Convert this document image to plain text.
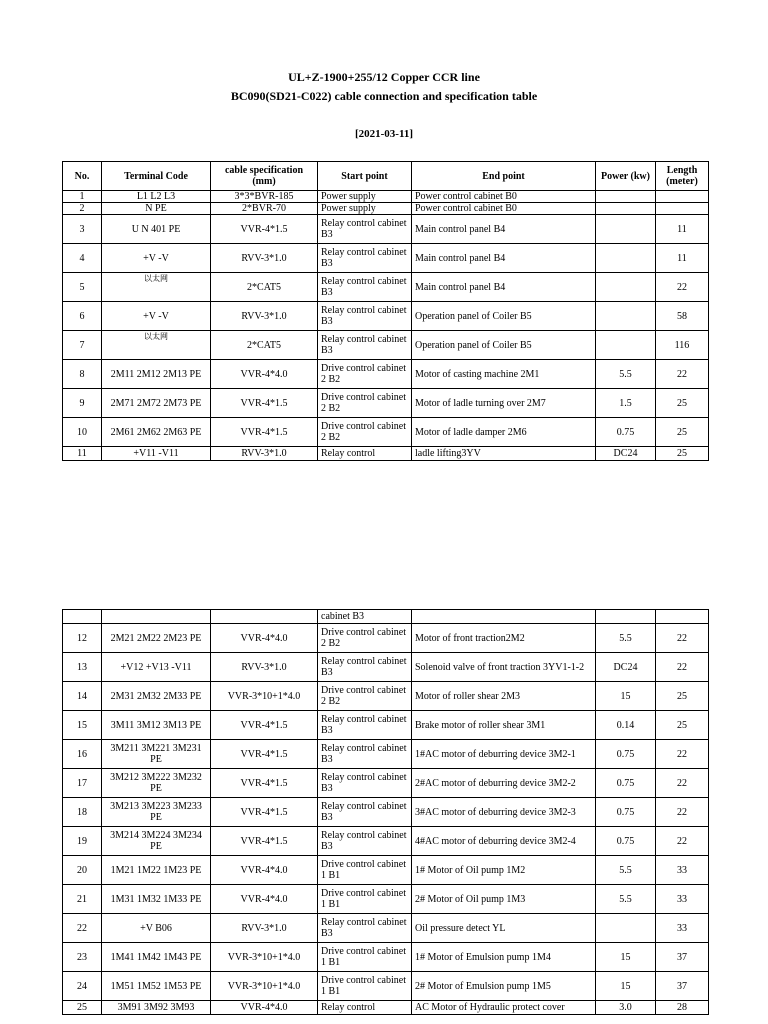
UL+Z-1900+255/12 Copper CCR line
BC090(SD21-C022) cable connection and specification table
[2021-03-11]
No.	Terminal Code	cable specification (mm)	Start point	End point	Power (kw)	Length (meter)
1	L1 L2 L3	3*3*BVR-185	Power supply	Power control cabinet B0		
2	N PE	2*BVR-70	Power supply	Power control cabinet B0		
3	U N 401 PE	VVR-4*1.5	Relay control cabinet B3	Main control panel B4		11
4	+V -V	RVV-3*1.0	Relay control cabinet B3	Main control panel B4		11
5	以太网	2*CAT5	Relay control cabinet B3	Main control panel B4		22
6	+V -V	RVV-3*1.0	Relay control cabinet B3	Operation panel of Coiler B5		58
7	以太网	2*CAT5	Relay control cabinet B3	Operation panel of Coiler B5		116
8	2M11 2M12 2M13 PE	VVR-4*4.0	Drive control cabinet 2 B2	Motor of casting machine 2M1	5.5	22
9	2M71 2M72 2M73 PE	VVR-4*1.5	Drive control cabinet 2 B2	Motor of ladle turning over 2M7	1.5	25
10	2M61 2M62 2M63 PE	VVR-4*1.5	Drive control cabinet 2 B2	Motor of ladle damper 2M6	0.75	25
11	+V11 -V11	RVV-3*1.0	Relay control	ladle lifting3YV	DC24	25
			cabinet B3			
12	2M21 2M22 2M23 PE	VVR-4*4.0	Drive control cabinet 2 B2	Motor of front traction2M2	5.5	22
13	+V12 +V13 -V11	RVV-3*1.0	Relay control cabinet B3	Solenoid valve of front traction 3YV1-1-2	DC24	22
14	2M31 2M32 2M33 PE	VVR-3*10+1*4.0	Drive control cabinet 2 B2	Motor of roller shear 2M3	15	25
15	3M11 3M12 3M13 PE	VVR-4*1.5	Relay control cabinet B3	Brake motor of roller shear 3M1	0.14	25
16	3M211 3M221 3M231 PE	VVR-4*1.5	Relay control cabinet B3	1#AC motor of deburring device 3M2-1	0.75	22
17	3M212 3M222 3M232 PE	VVR-4*1.5	Relay control cabinet B3	2#AC motor of deburring device 3M2-2	0.75	22
18	3M213 3M223 3M233 PE	VVR-4*1.5	Relay control cabinet B3	3#AC motor of deburring device 3M2-3	0.75	22
19	3M214 3M224 3M234 PE	VVR-4*1.5	Relay control cabinet B3	4#AC motor of deburring device 3M2-4	0.75	22
20	1M21 1M22 1M23 PE	VVR-4*4.0	Drive control cabinet 1 B1	1# Motor of Oil pump 1M2	5.5	33
21	1M31 1M32 1M33 PE	VVR-4*4.0	Drive control cabinet 1 B1	2# Motor of Oil pump 1M3	5.5	33
22	+V B06	RVV-3*1.0	Relay control cabinet B3	Oil pressure detect YL		33
23	1M41 1M42 1M43 PE	VVR-3*10+1*4.0	Drive control cabinet 1 B1	1# Motor of Emulsion pump 1M4	15	37
24	1M51 1M52 1M53 PE	VVR-3*10+1*4.0	Drive control cabinet 1 B1	2# Motor of Emulsion pump 1M5	15	37
25	3M91 3M92 3M93	VVR-4*4.0	Relay control	AC Motor of Hydraulic protect cover	3.0	28
